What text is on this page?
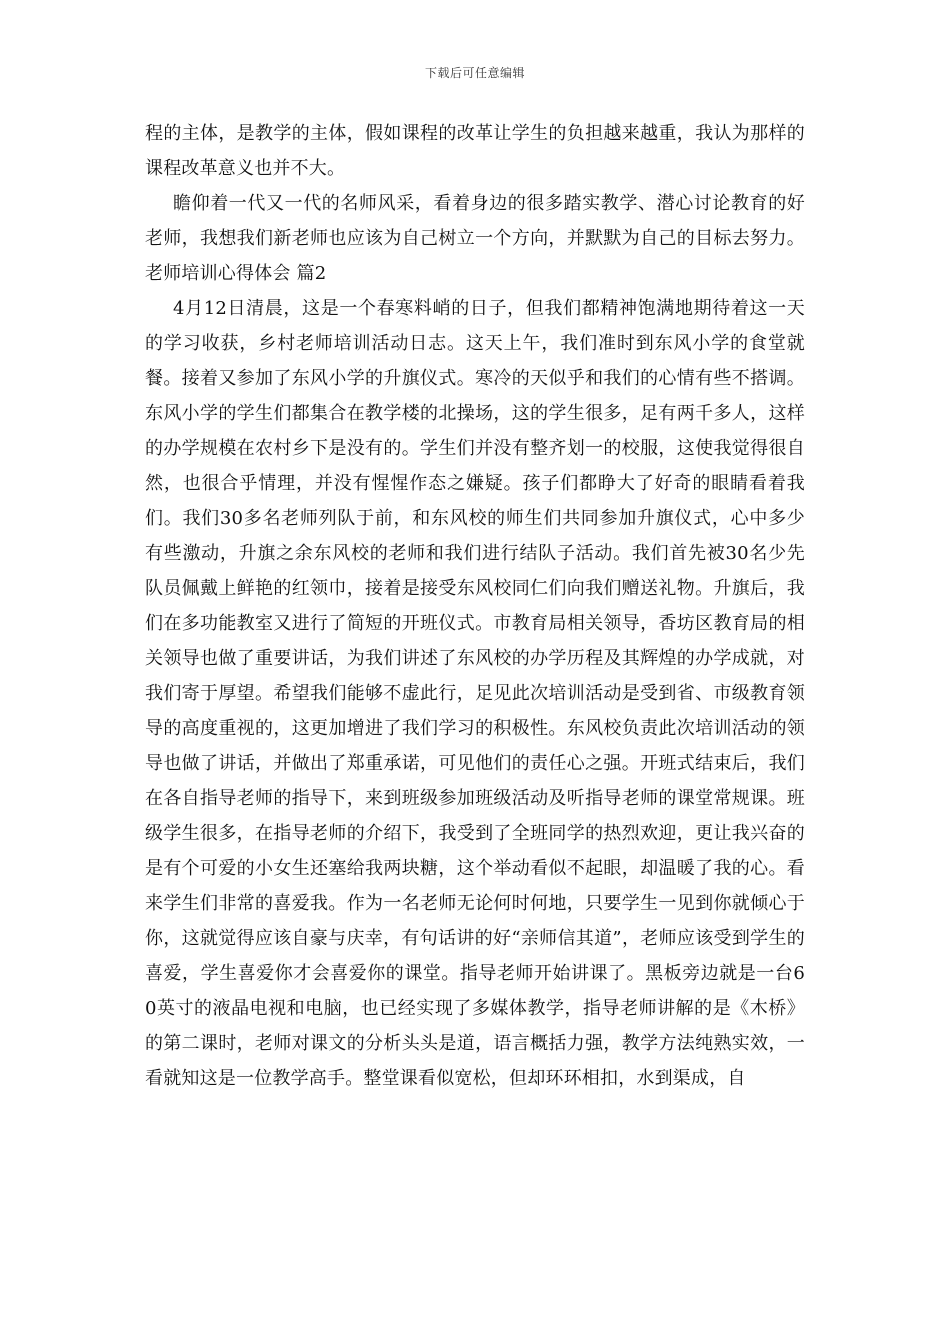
下载后可任意编辑

程的主体，是教学的主体，假如课程的改革让学生的负担越来越重，我认为那样的课程改革意义也并不大。

瞻仰着一代又一代的名师风采，看着身边的很多踏实教学、潜心讨论教育的好老师，我想我们新老师也应该为自己树立一个方向，并默默为自己的目标去努力。老师培训心得体会 篇2

4月12日清晨，这是一个春寒料峭的日子，但我们都精神饱满地期待着这一天的学习收获，乡村老师培训活动日志。这天上午，我们准时到东风小学的食堂就餐。接着又参加了东风小学的升旗仪式。寒冷的天似乎和我们的心情有些不搭调。东风小学的学生们都集合在教学楼的北操场，这的学生很多，足有两千多人，这样的办学规模在农村乡下是没有的。学生们并没有整齐划一的校服，这使我觉得很自然，也很合乎情理，并没有惺惺作态之嫌疑。孩子们都睁大了好奇的眼睛看着我们。我们30多名老师列队于前，和东风校的师生们共同参加升旗仪式，心中多少有些激动，升旗之余东风校的老师和我们进行结队子活动。我们首先被30名少先队员佩戴上鲜艳的红领巾，接着是接受东风校同仁们向我们赠送礼物。升旗后，我们在多功能教室又进行了简短的开班仪式。市教育局相关领导，香坊区教育局的相关领导也做了重要讲话，为我们讲述了东风校的办学历程及其辉煌的办学成就，对我们寄于厚望。希望我们能够不虚此行，足见此次培训活动是受到省、市级教育领导的高度重视的，这更加增进了我们学习的积极性。东风校负责此次培训活动的领导也做了讲话，并做出了郑重承诺，可见他们的责任心之强。开班式结束后，我们在各自指导老师的指导下，来到班级参加班级活动及听指导老师的课堂常规课。班级学生很多，在指导老师的介绍下，我受到了全班同学的热烈欢迎，更让我兴奋的是有个可爱的小女生还塞给我两块糖，这个举动看似不起眼，却温暖了我的心。看来学生们非常的喜爱我。作为一名老师无论何时何地，只要学生一见到你就倾心于你，这就觉得应该自豪与庆幸，有句话讲的好“亲师信其道”，老师应该受到学生的喜爱，学生喜爱你才会喜爱你的课堂。指导老师开始讲课了。黑板旁边就是一台60英寸的液晶电视和电脑，也已经实现了多媒体教学，指导老师讲解的是《木桥》的第二课时，老师对课文的分析头头是道，语言概括力强，教学方法纯熟实效，一看就知这是一位教学高手。整堂课看似宽松，但却环环相扣，水到渠成，自
